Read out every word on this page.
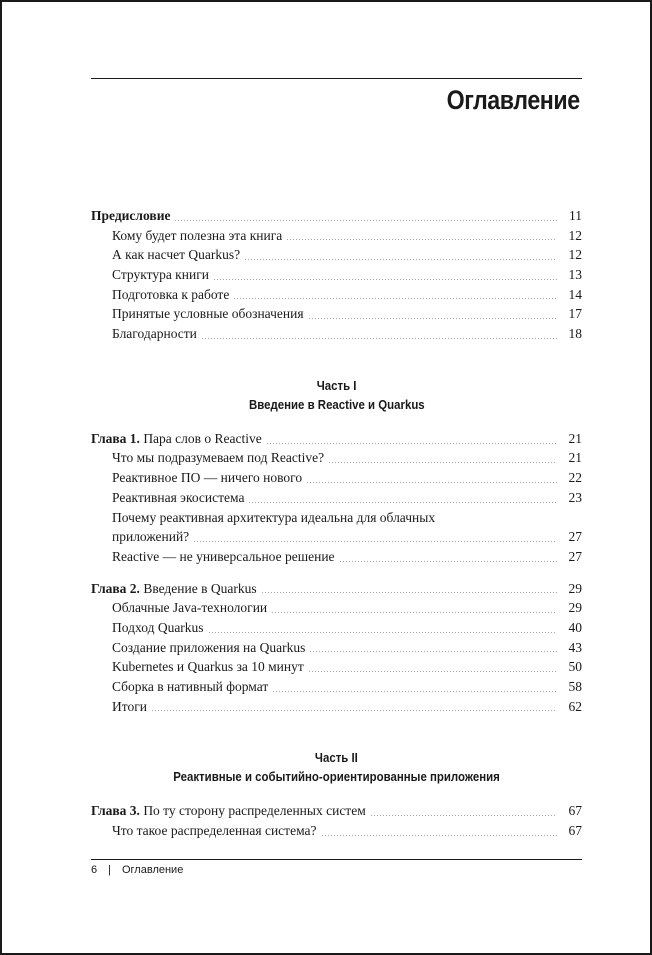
Оглавление
Предисловие	11
Кому будет полезна эта книга	12
А как насчет Quarkus?	12
Структура книги	13
Подготовка к работе	14
Принятые условные обозначения	17
Благодарности	18
Часть I
Введение в Reactive и Quarkus
Глава 1. Пара слов о Reactive	21
Что мы подразумеваем под Reactive?	21
Реактивное ПО — ничего нового	22
Реактивная экосистема	23
Почему реактивная архитектура идеальна для облачных
приложений?	27
Reactive — не универсальное решение	27
Глава 2. Введение в Quarkus	29
Облачные Java-технологии	29
Подход Quarkus	40
Создание приложения на Quarkus	43
Kubernetes и Quarkus за 10 минут	50
Сборка в нативный формат	58
Итоги	62
Часть II
Реактивные и событийно-ориентированные приложения
Глава 3. По ту сторону распределенных систем	67
Что такое распределенная система?	67
6 | Оглавление
